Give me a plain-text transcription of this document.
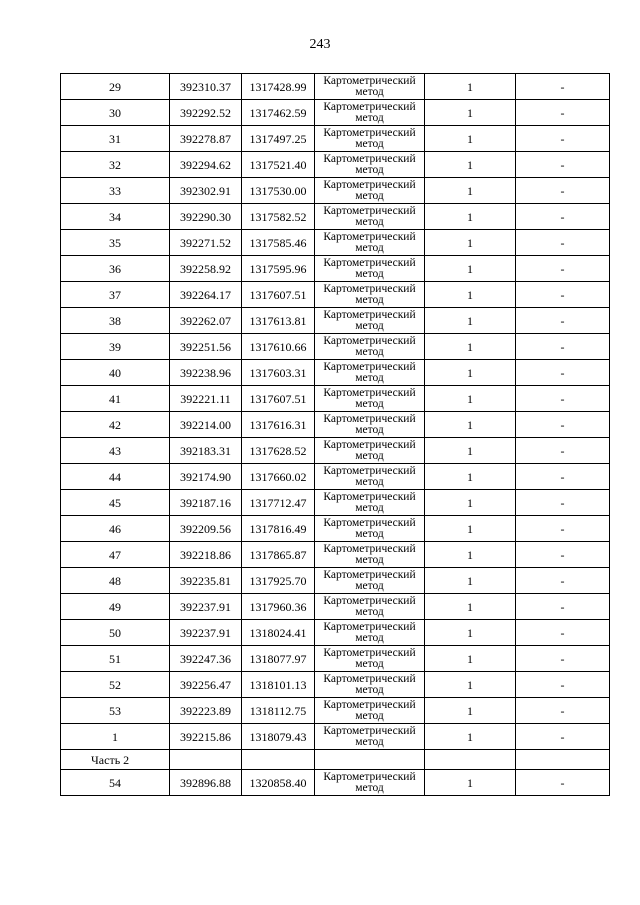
243
29	392310.37	1317428.99	Картометрический метод	1	-
30	392292.52	1317462.59	Картометрический метод	1	-
31	392278.87	1317497.25	Картометрический метод	1	-
32	392294.62	1317521.40	Картометрический метод	1	-
33	392302.91	1317530.00	Картометрический метод	1	-
34	392290.30	1317582.52	Картометрический метод	1	-
35	392271.52	1317585.46	Картометрический метод	1	-
36	392258.92	1317595.96	Картометрический метод	1	-
37	392264.17	1317607.51	Картометрический метод	1	-
38	392262.07	1317613.81	Картометрический метод	1	-
39	392251.56	1317610.66	Картометрический метод	1	-
40	392238.96	1317603.31	Картометрический метод	1	-
41	392221.11	1317607.51	Картометрический метод	1	-
42	392214.00	1317616.31	Картометрический метод	1	-
43	392183.31	1317628.52	Картометрический метод	1	-
44	392174.90	1317660.02	Картометрический метод	1	-
45	392187.16	1317712.47	Картометрический метод	1	-
46	392209.56	1317816.49	Картометрический метод	1	-
47	392218.86	1317865.87	Картометрический метод	1	-
48	392235.81	1317925.70	Картометрический метод	1	-
49	392237.91	1317960.36	Картометрический метод	1	-
50	392237.91	1318024.41	Картометрический метод	1	-
51	392247.36	1318077.97	Картометрический метод	1	-
52	392256.47	1318101.13	Картометрический метод	1	-
53	392223.89	1318112.75	Картометрический метод	1	-
1	392215.86	1318079.43	Картометрический метод	1	-
Часть 2					
54	392896.88	1320858.40	Картометрический метод	1	-
